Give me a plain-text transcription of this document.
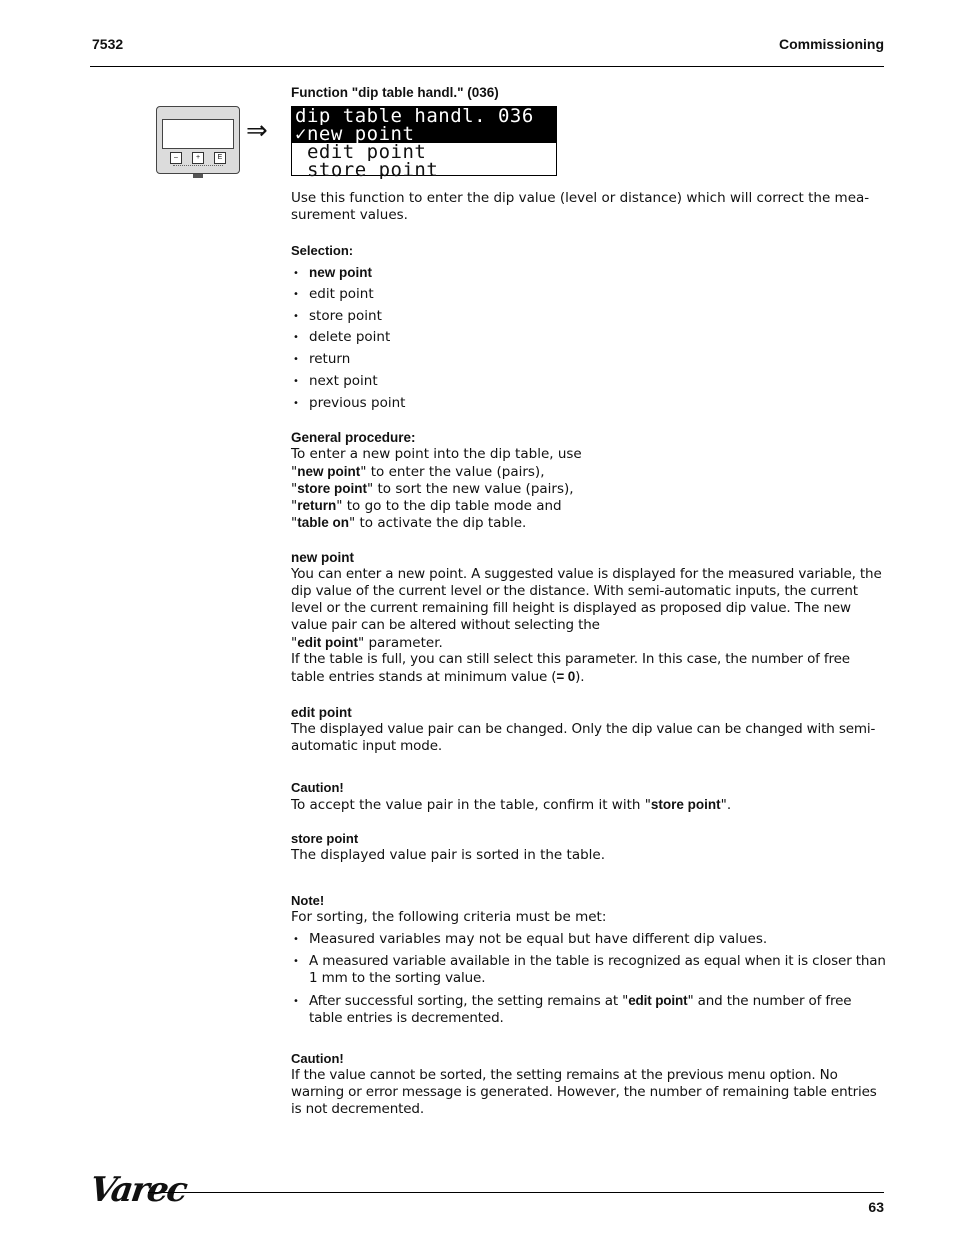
7532	Commissioning
Function "dip table handl." (036)
–	+	E
⇒ dip table handl. 036
✓new point
edit point
store point
Use this function to enter the dip value (level or distance) which will correct the mea-surement values.
Selection:
• new point
• edit point
• store point
• delete point
• return
• next point
• previous point
General procedure:
To enter a new point into the dip table, use
"new point" to enter the value (pairs),
"store point" to sort the new value (pairs),
"return" to go to the dip table mode and
"table on" to activate the dip table.
new point
You can enter a new point. A suggested value is displayed for the measured variable, the dip value of the current level or the distance. With semi-automatic inputs, the current level or the current remaining fill height is displayed as proposed dip value. The new value pair can be altered without selecting the
"edit point" parameter.
If the table is full, you can still select this parameter. In this case, the number of free table entries stands at minimum value (= 0).
edit point
The displayed value pair can be changed. Only the dip value can be changed with semi-automatic input mode.
Caution!
To accept the value pair in the table, confirm it with "store point".
store point
The displayed value pair is sorted in the table.
Note!
For sorting, the following criteria must be met:
• Measured variables may not be equal but have different dip values.
• A measured variable available in the table is recognized as equal when it is closer than 1 mm to the sorting value.
• After successful sorting, the setting remains at "edit point" and the number of free table entries is decremented.
Caution!
If the value cannot be sorted, the setting remains at the previous menu option. No warning or error message is generated. However, the number of remaining table entries is not decremented.
Varec	63
